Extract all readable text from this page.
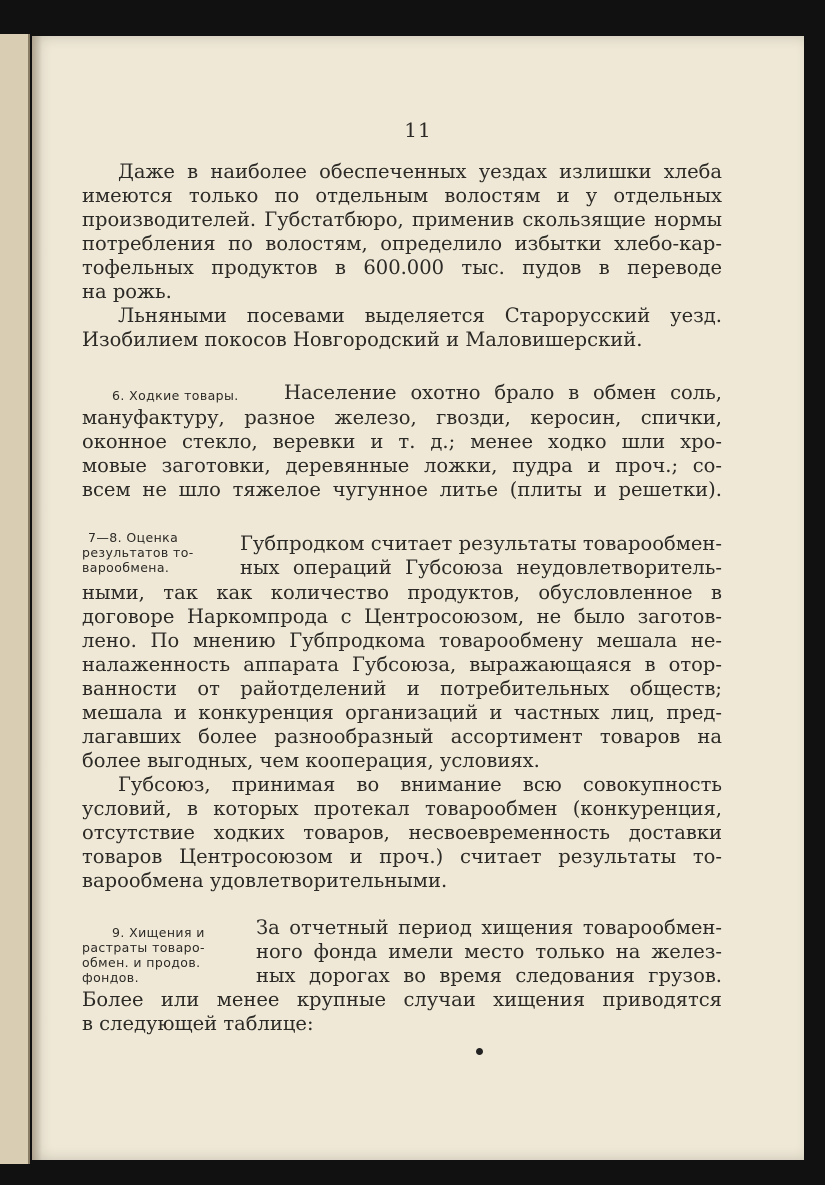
11
Даже в наиболее обеспеченных уездах излишки хлеба
имеются только по отдельным волостям и у отдельных
производителей. Губстатбюро, применив скользящие нормы
потребления по волостям, определило избытки хлебо-кар-
тофельных продуктов в 600.000 тыс. пудов в переводе
на рожь.
Льняными посевами выделяется Старорусский уезд.
Изобилием покосов Новгородский и Маловишерский.
6. Ходкие товары. Население охотно брало в обмен соль,
мануфактуру, разное железо, гвозди, керосин, спички,
оконное стекло, веревки и т. д.; менее ходко шли хро-
мовые заготовки, деревянные ложки, пудра и проч.; со-
всем не шло тяжелое чугунное литье (плиты и решетки).
7—8. Оценка
результатов то-
варообмена.
Губпродком считает результаты товарообмен-
ных операций Губсоюза неудовлетворитель-
ными, так как количество продуктов, обусловленное в
договоре Наркомпрода с Центросоюзом, не было заготов-
лено. По мнению Губпродкома товарообмену мешала не-
налаженность аппарата Губсоюза, выражающаяся в отор-
ванности от райотделений и потребительных обществ;
мешала и конкуренция организаций и частных лиц, пред-
лагавших более разнообразный ассортимент товаров на
более выгодных, чем кооперация, условиях.
Губсоюз, принимая во внимание всю совокупность
условий, в которых протекал товарообмен (конкуренция,
отсутствие ходких товаров, несвоевременность доставки
товаров Центросоюзом и проч.) считает результаты то-
варообмена удовлетворительными.
9. Хищения и
растраты товаро-
обмен. и продов.
фондов.
За отчетный период хищения товарообмен-
ного фонда имели место только на желез-
ных дорогах во время следования грузов.
Более или менее крупные случаи хищения приводятся
в следующей таблице:
